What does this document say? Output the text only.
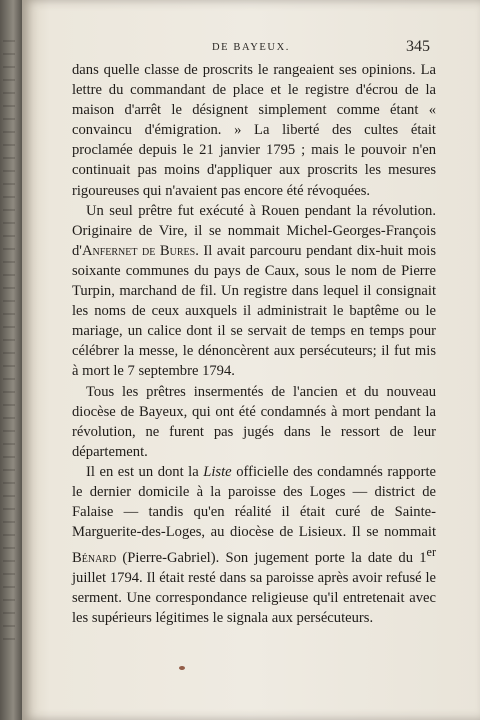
DE BAYEUX.	345

dans quelle classe de proscrits le rangeaient ses opinions. La lettre du commandant de place et le registre d'écrou de la maison d'arrêt le désignent simplement comme étant « convaincu d'émigration. » La liberté des cultes était proclamée depuis le 21 janvier 1795 ; mais le pouvoir n'en continuait pas moins d'appliquer aux proscrits les mesures rigoureuses qui n'avaient pas encore été révoquées.

Un seul prêtre fut exécuté à Rouen pendant la révolution. Originaire de Vire, il se nommait Michel-Georges-François d'Anfernet de Bures. Il avait parcouru pendant dix-huit mois soixante communes du pays de Caux, sous le nom de Pierre Turpin, marchand de fil. Un registre dans lequel il consignait les noms de ceux auxquels il administrait le baptême ou le mariage, un calice dont il se servait de temps en temps pour célébrer la messe, le dénoncèrent aux persécuteurs; il fut mis à mort le 7 septembre 1794.

Tous les prêtres insermentés de l'ancien et du nouveau diocèse de Bayeux, qui ont été condamnés à mort pendant la révolution, ne furent pas jugés dans le ressort de leur département.

Il en est un dont la Liste officielle des condamnés rapporte le dernier domicile à la paroisse des Loges — district de Falaise — tandis qu'en réalité il était curé de Sainte-Marguerite-des-Loges, au diocèse de Lisieux. Il se nommait Bénard (Pierre-Gabriel). Son jugement porte la date du 1er juillet 1794. Il était resté dans sa paroisse après avoir refusé le serment. Une correspondance religieuse qu'il entretenait avec les supérieurs légitimes le signala aux persécuteurs.
